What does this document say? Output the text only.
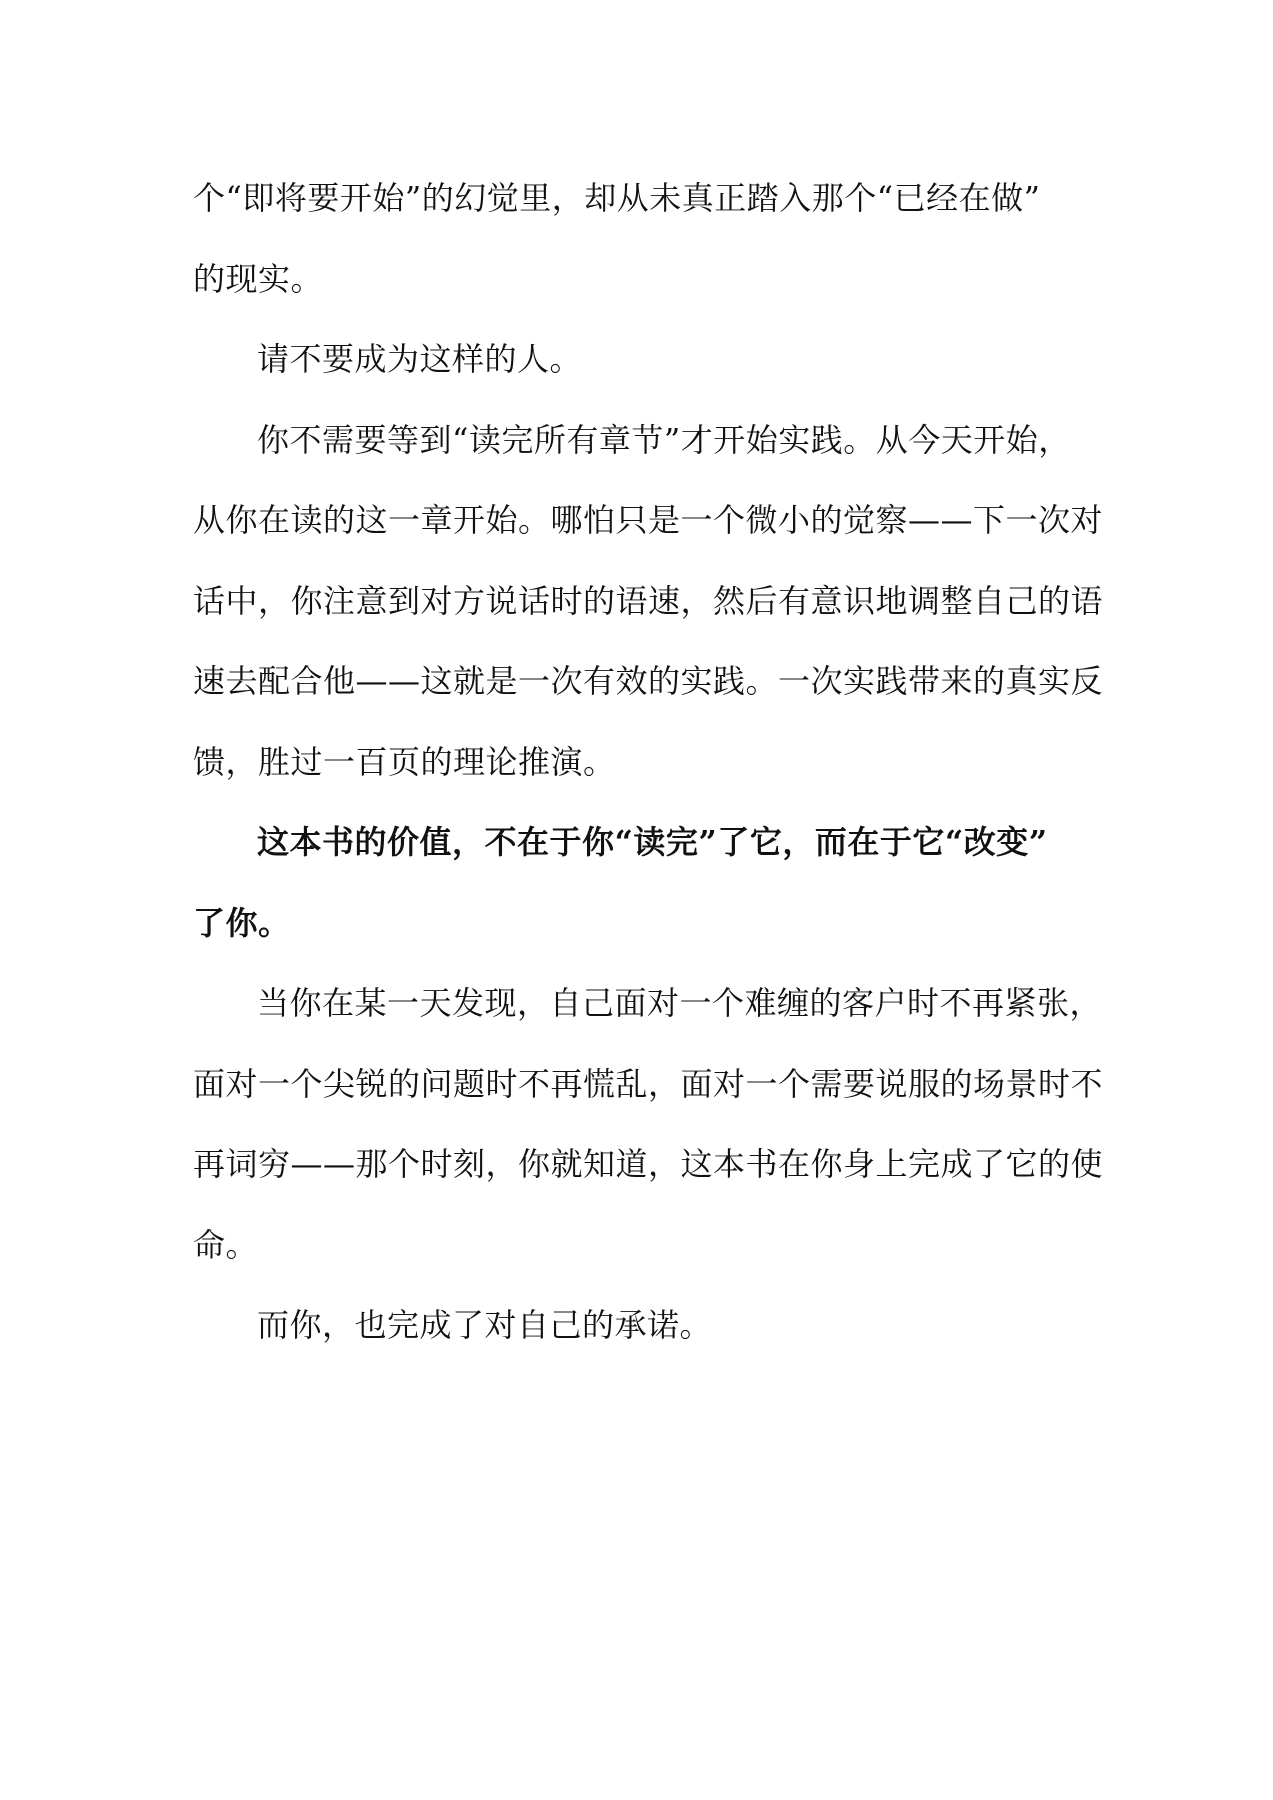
个“即将要开始”的幻觉里，却从未真正踏入那个“已经在做”
的现实。

请不要成为这样的人。

你不需要等到“读完所有章节”才开始实践。从今天开始，
从你在读的这一章开始。哪怕只是一个微小的觉察——下一次对
话中，你注意到对方说话时的语速，然后有意识地调整自己的语
速去配合他——这就是一次有效的实践。一次实践带来的真实反
馈，胜过一百页的理论推演。

这本书的价值，不在于你“读完”了它，而在于它“改变”
了你。

当你在某一天发现，自己面对一个难缠的客户时不再紧张，
面对一个尖锐的问题时不再慌乱，面对一个需要说服的场景时不
再词穷——那个时刻，你就知道，这本书在你身上完成了它的使
命。

而你，也完成了对自己的承诺。
